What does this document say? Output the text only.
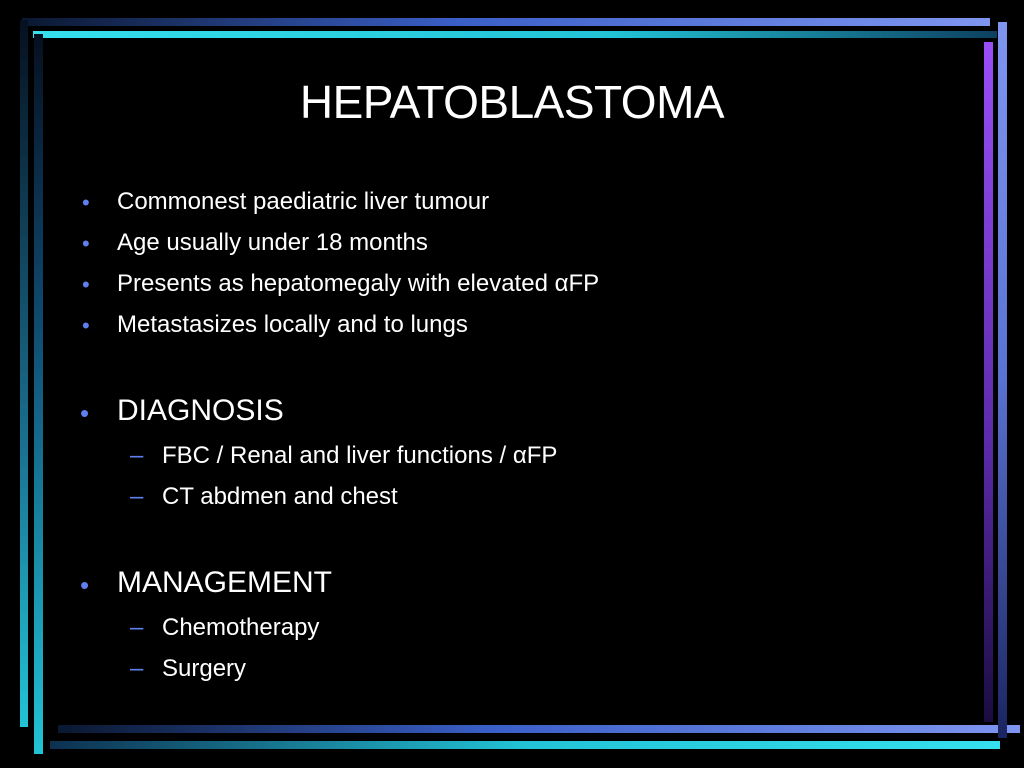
HEPATOBLASTOMA
• Commonest paediatric liver tumour
• Age usually under 18 months
• Presents as hepatomegaly with elevated αFP
• Metastasizes locally and to lungs
• DIAGNOSIS
– FBC / Renal and liver functions / αFP
– CT abdmen and chest
• MANAGEMENT
– Chemotherapy
– Surgery
